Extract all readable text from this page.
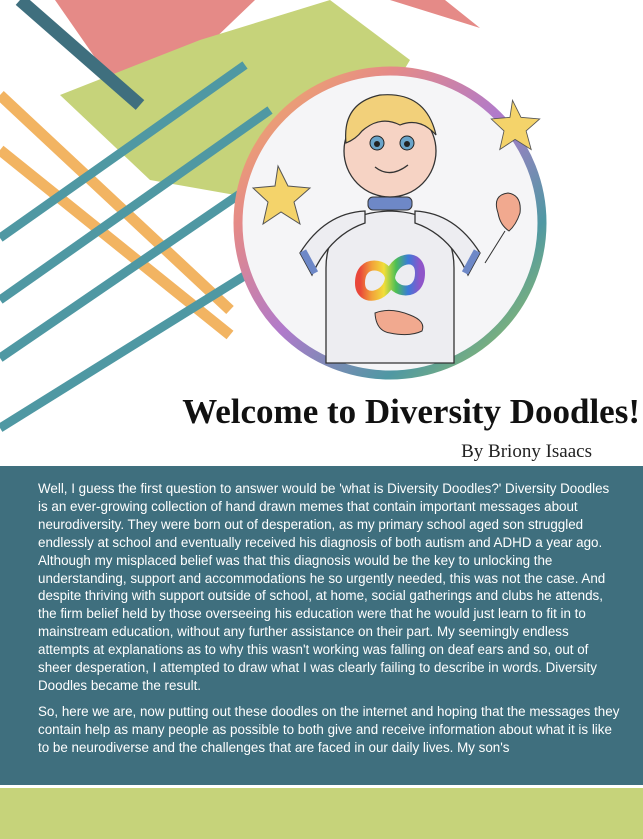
Welcome to Diversity Doodles!
By Briony Isaacs

Well, I guess the first question to answer would be 'what is Diversity Doodles?' Diversity Doodles is an ever-growing collection of hand drawn memes that contain important messages about neurodiversity. They were born out of desperation, as my primary school aged son struggled endlessly at school and eventually received his diagnosis of both autism and ADHD a year ago. Although my misplaced belief was that this diagnosis would be the key to unlocking the understanding, support and accommodations he so urgently needed, this was not the case. And despite thriving with support outside of school, at home, social gatherings and clubs he attends, the firm belief held by those overseeing his education were that he would just learn to fit in to mainstream education, without any further assistance on their part. My seemingly endless attempts at explanations as to why this wasn't working was falling on deaf ears and so, out of sheer desperation, I attempted to draw what I was clearly failing to describe in words. Diversity Doodles became the result.

So, here we are, now putting out these doodles on the internet and hoping that the messages they contain help as many people as possible to both give and receive information about what it is like to be neurodiverse and the challenges that are faced in our daily lives. My son's
